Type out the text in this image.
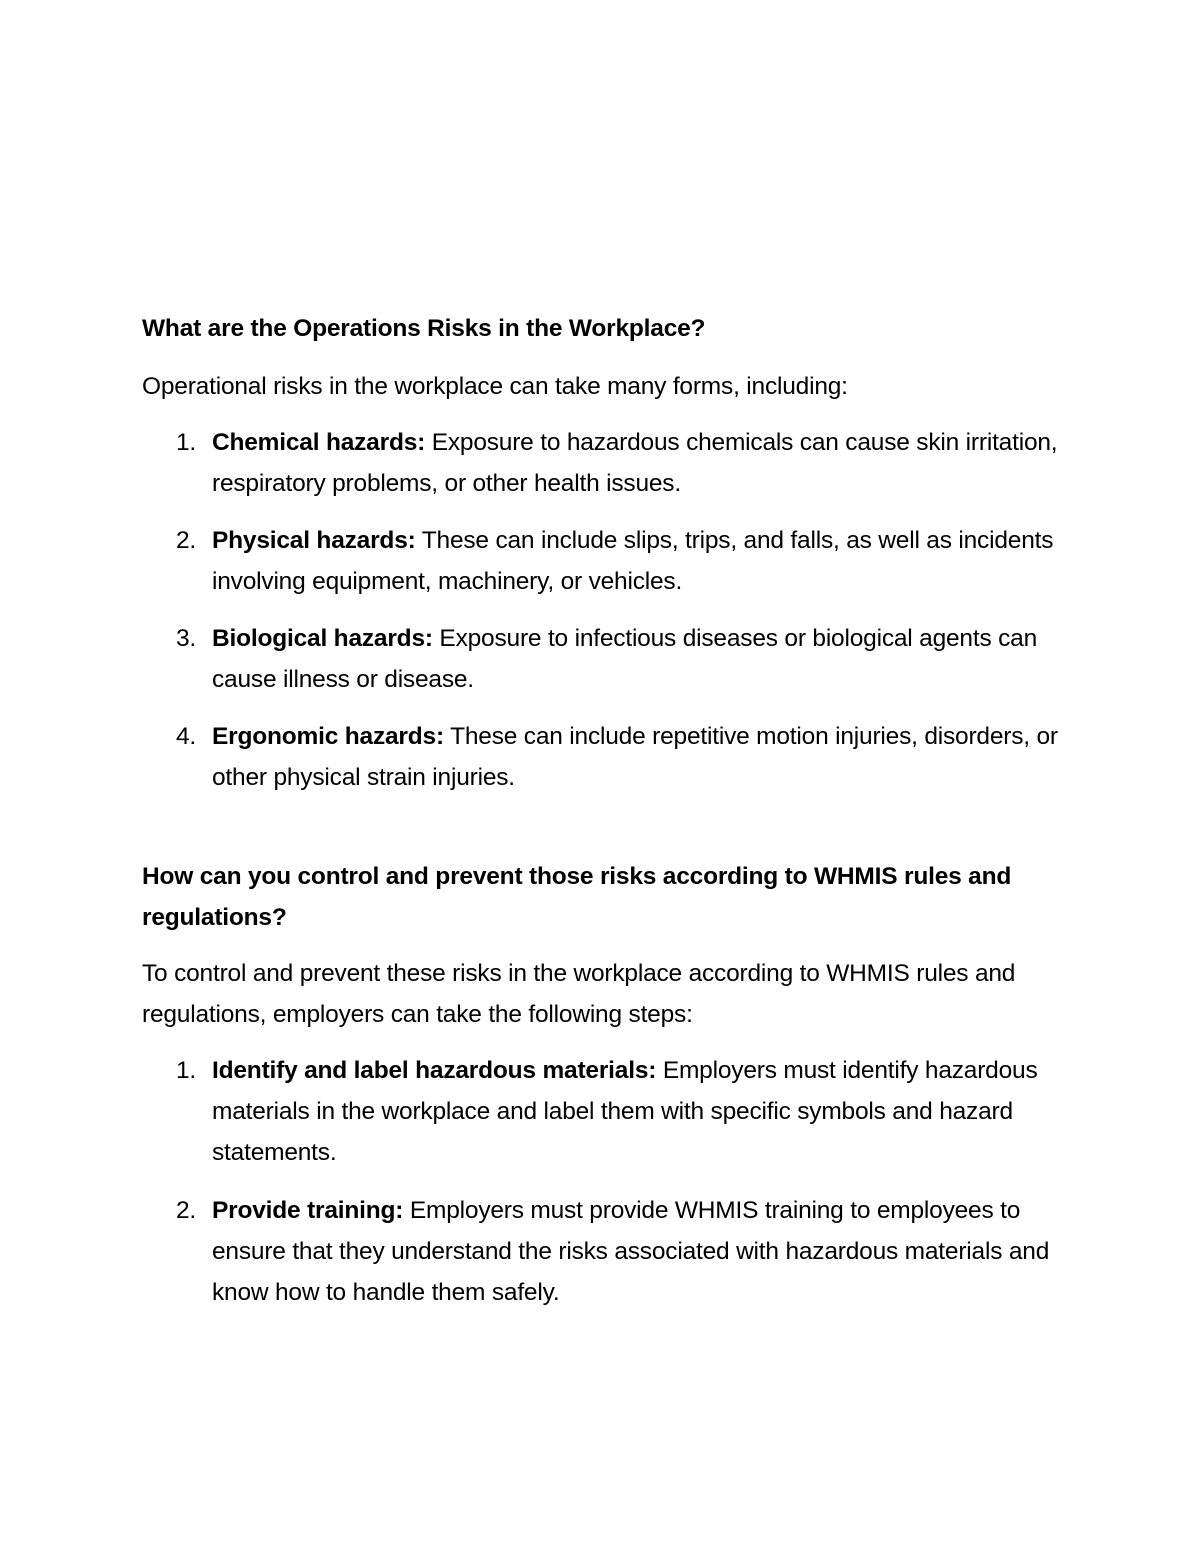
What are the Operations Risks in the Workplace?

Operational risks in the workplace can take many forms, including:

1. Chemical hazards: Exposure to hazardous chemicals can cause skin irritation, respiratory problems, or other health issues.
2. Physical hazards: These can include slips, trips, and falls, as well as incidents involving equipment, machinery, or vehicles.
3. Biological hazards: Exposure to infectious diseases or biological agents can cause illness or disease.
4. Ergonomic hazards: These can include repetitive motion injuries, disorders, or other physical strain injuries.
How can you control and prevent those risks according to WHMIS rules and regulations?

To control and prevent these risks in the workplace according to WHMIS rules and regulations, employers can take the following steps:

1. Identify and label hazardous materials: Employers must identify hazardous materials in the workplace and label them with specific symbols and hazard statements.
2. Provide training: Employers must provide WHMIS training to employees to ensure that they understand the risks associated with hazardous materials and know how to handle them safely.
